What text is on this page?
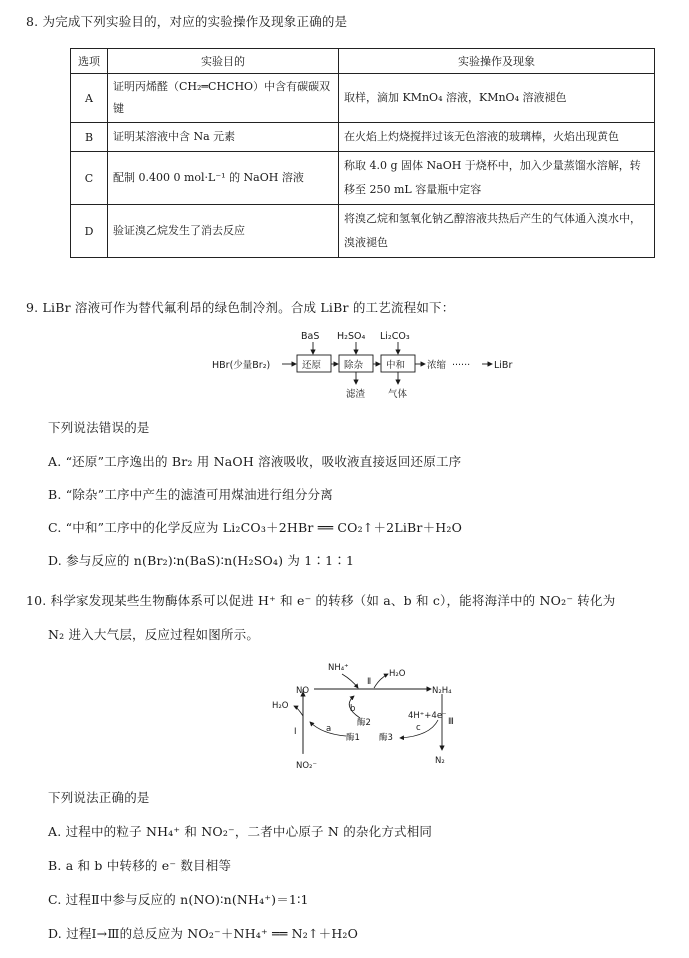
8. 为完成下列实验目的，对应的实验操作及现象正确的是
选项	实验目的	实验操作及现象
A	证明丙烯醛（CH₂═CHCHO）中含有碳碳双键	取样，滴加 KMnO₄ 溶液，KMnO₄ 溶液褪色
B	证明某溶液中含 Na 元素	在火焰上灼烧搅拌过该无色溶液的玻璃棒，火焰出现黄色
C	配制 0.400 0 mol·L⁻¹ 的 NaOH 溶液	称取 4.0 g 固体 NaOH 于烧杯中，加入少量蒸馏水溶解，转移至 250 mL 容量瓶中定容
D	验证溴乙烷发生了消去反应	将溴乙烷和氢氧化钠乙醇溶液共热后产生的气体通入溴水中，溴液褪色
9. LiBr 溶液可作为替代氟利昂的绿色制冷剂。合成 LiBr 的工艺流程如下：
HBr(少量Br₂)	还原
BaS
除杂
H₂SO₄
滤渣
中和
Li₂CO₃
气体
浓缩 ······	LiBr
下列说法错误的是
A. “还原”工序逸出的 Br₂ 用 NaOH 溶液吸收，吸收液直接返回还原工序
B. “除杂”工序中产生的滤渣可用煤油进行组分分离
C. “中和”工序中的化学反应为 Li₂CO₃＋2HBr ══ CO₂↑＋2LiBr＋H₂O
D. 参与反应的 n(Br₂)∶n(BaS)∶n(H₂SO₄) 为 1∶1∶1
10. 科学家发现某些生物酶体系可以促进 H⁺ 和 e⁻ 的转移（如 a、b 和 c），能将海洋中的 NO₂⁻ 转化为
N₂ 进入大气层，反应过程如图所示。
NH₄⁺
H₂O
Ⅱ
NO	N₂H₄
H₂O
Ⅰ
b
酶2
a
酶1
4H⁺+4e⁻
c
酶3
Ⅲ
NO₂⁻	N₂
下列说法正确的是
A. 过程中的粒子 NH₄⁺ 和 NO₂⁻，二者中心原子 N 的杂化方式相同
B. a 和 b 中转移的 e⁻ 数目相等
C. 过程Ⅱ中参与反应的 n(NO)∶n(NH₄⁺)＝1∶1
D. 过程Ⅰ→Ⅲ的总反应为 NO₂⁻＋NH₄⁺ ══ N₂↑＋H₂O
